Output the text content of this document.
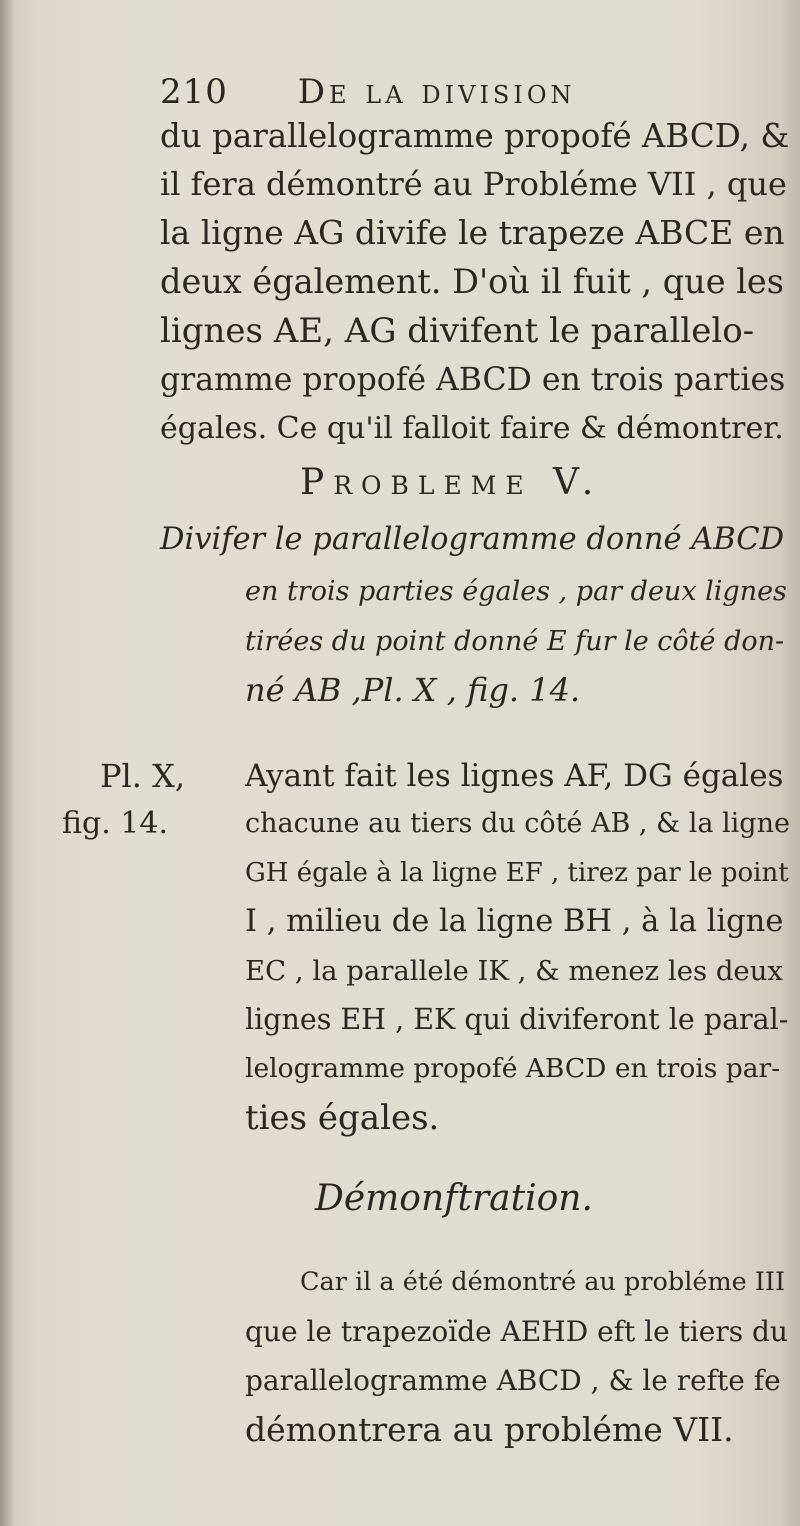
210 De la division
du parallelogramme propofé ABCD, &
il fera démontré au Probléme VII , que
la ligne AG divife le trapeze ABCE en
deux également. D'où il fuit , que les
lignes AE, AG divifent le parallelo-
gramme propofé ABCD en trois parties
égales. Ce qu'il falloit faire & démontrer.
Probleme V.
Divifer le parallelogramme donné ABCD
en trois parties égales , par deux lignes
tirées du point donné E fur le côté don-
né AB ,Pl. X , fig. 14.
Pl. X,
fig. 14.
Ayant fait les lignes AF, DG égales
chacune au tiers du côté AB , & la ligne
GH égale à la ligne EF , tirez par le point
I , milieu de la ligne BH , à la ligne
EC , la parallele IK , & menez les deux
lignes EH , EK qui diviferont le paral-
lelogramme propofé ABCD en trois par-
ties égales.
Démonftration.
Car il a été démontré au probléme III
que le trapezoïde AEHD eft le tiers du
parallelogramme ABCD , & le refte fe
démontrera au probléme VII.
